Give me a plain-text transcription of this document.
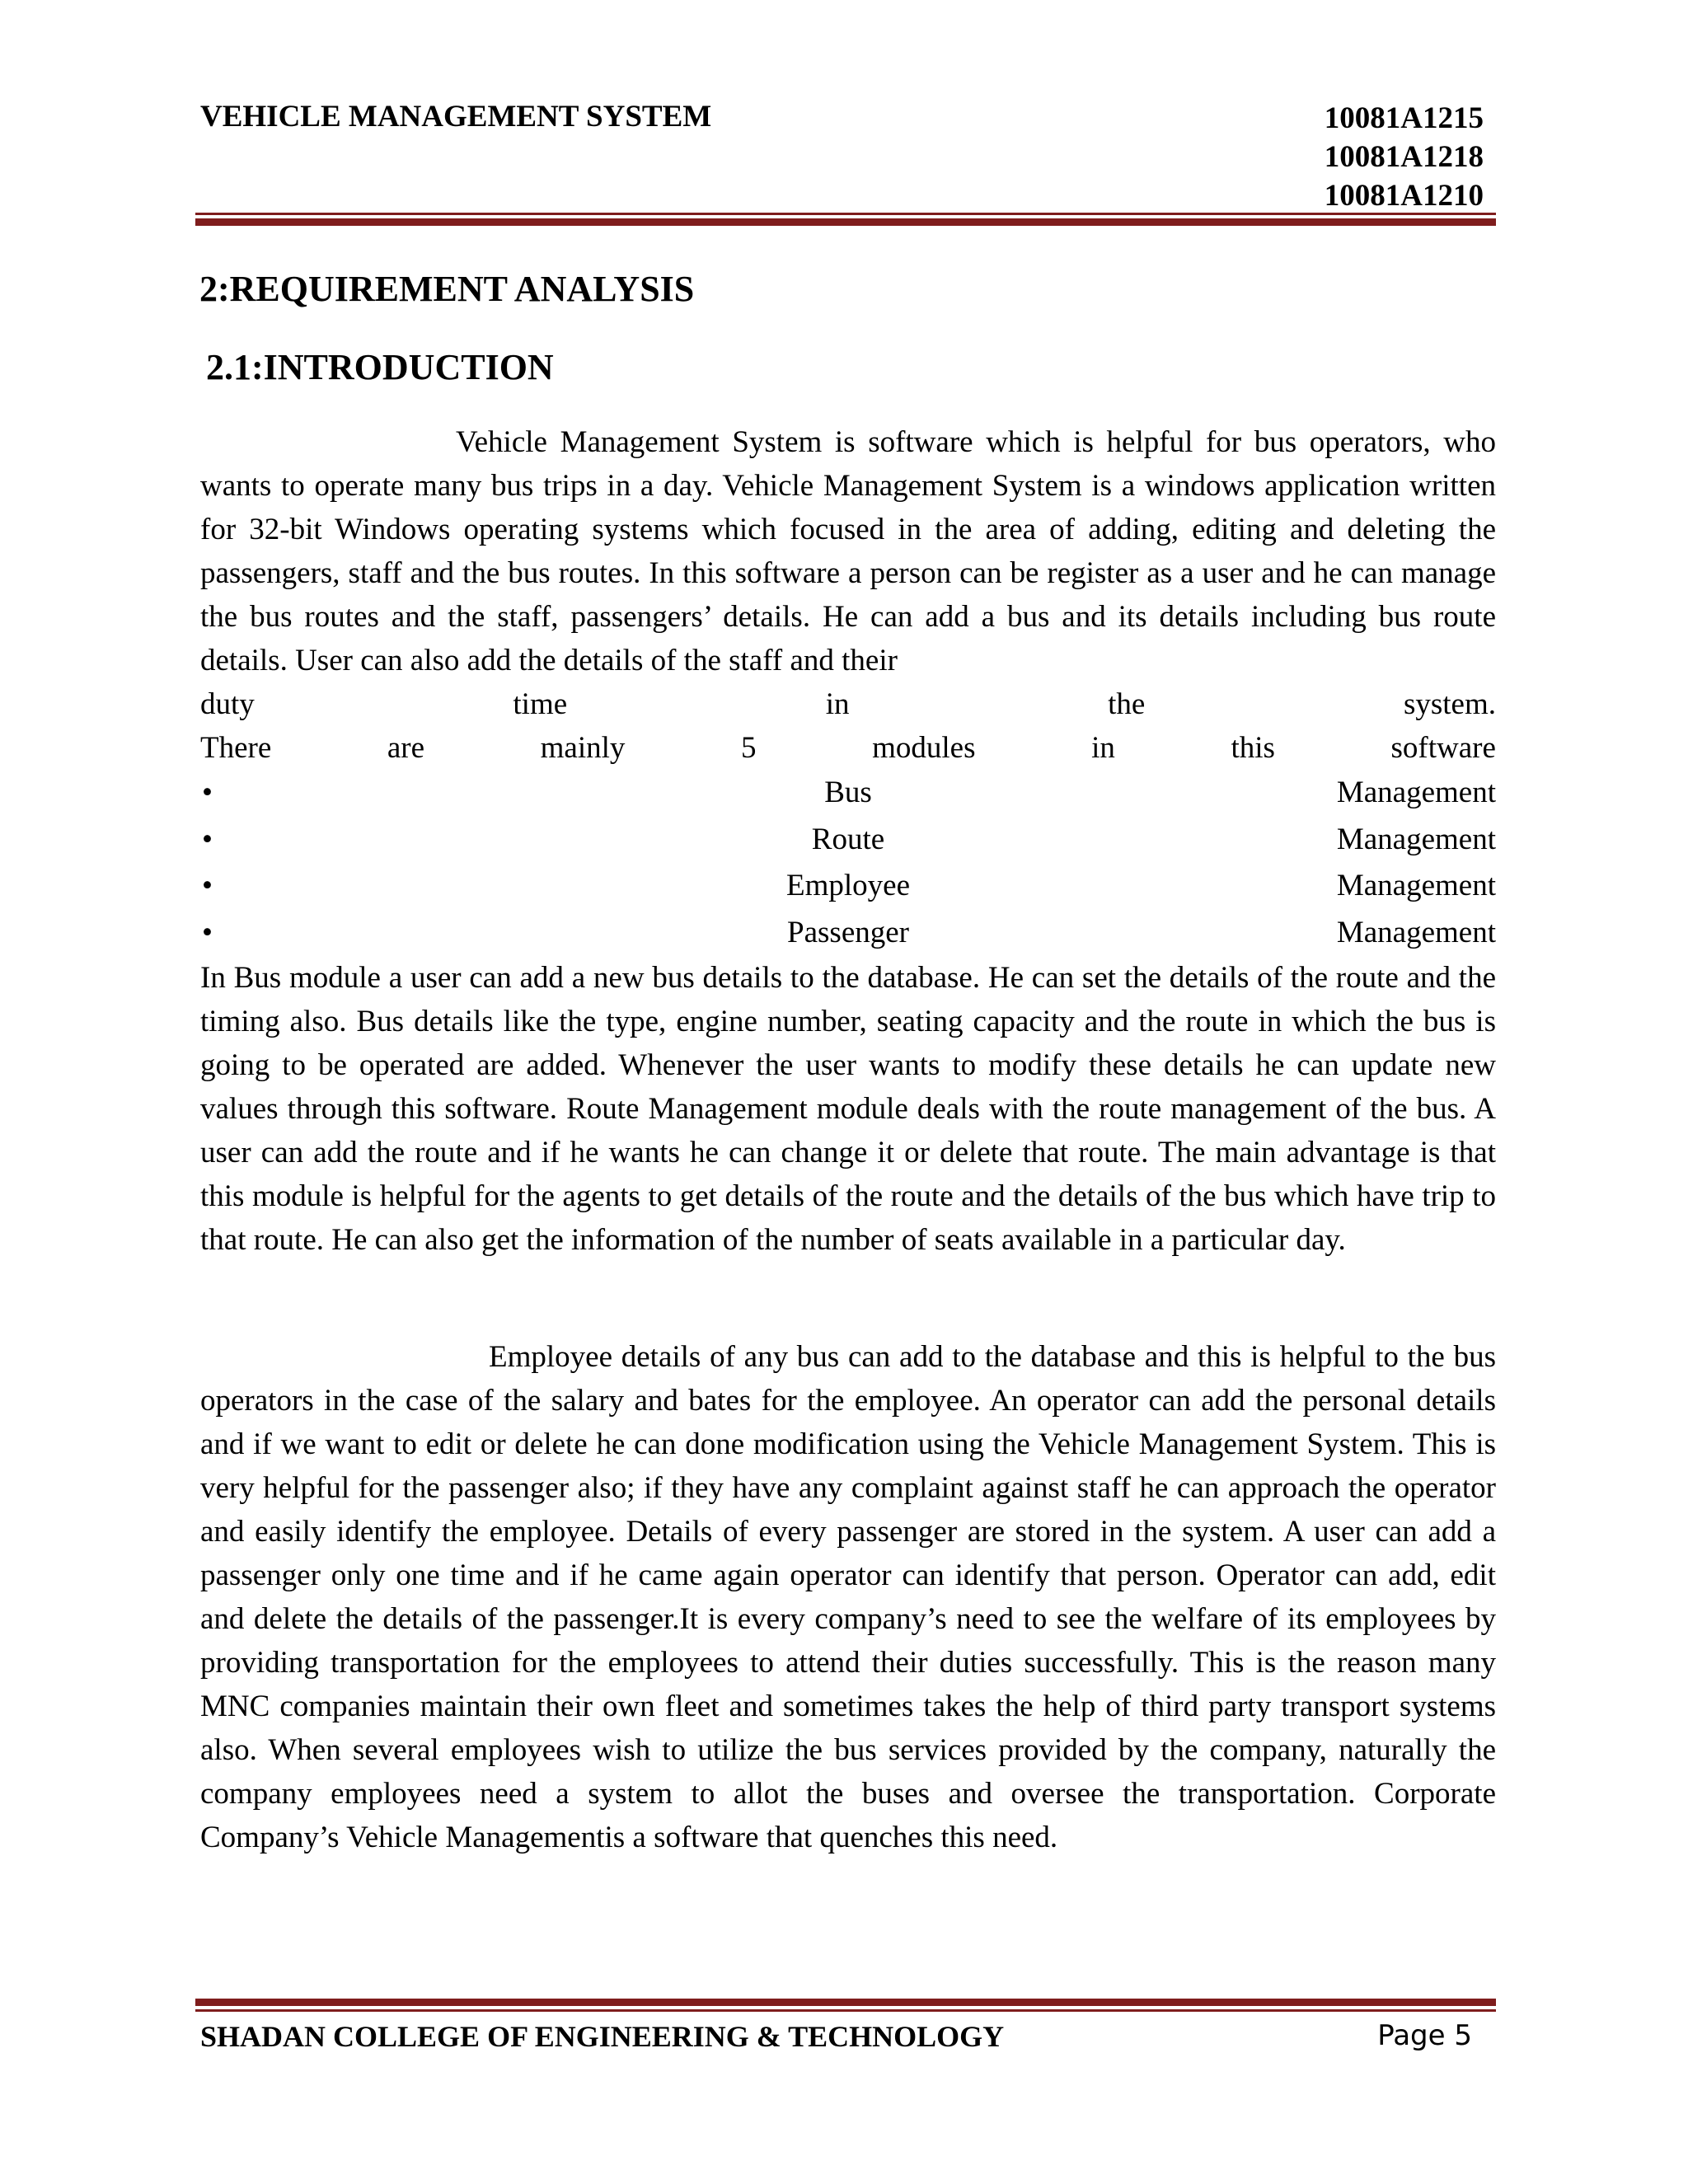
VEHICLE MANAGEMENT SYSTEM	10081A1215
10081A1218
10081A1210
2:REQUIREMENT ANALYSIS
2.1:INTRODUCTION

Vehicle Management System is software which is helpful for bus operators, who wants to operate many bus trips in a day. Vehicle Management System is a windows application written for 32-bit Windows operating systems which focused in the area of adding, editing and deleting the passengers, staff and the bus routes. In this software a person can be register as a user and he can manage the bus routes and the staff, passengers’ details. He can add a bus and its details including bus route details. User can also add the details of the staff and their

duty	time	in	the	system.
There	are	mainly	5	modules	in	this	software
•	Bus	Management
•	Route	Management
•	Employee	Management
•	Passenger	Management

In Bus module a user can add a new bus details to the database. He can set the details of the route and the timing also. Bus details like the type, engine number, seating capacity and the route in which the bus is going to be operated are added. Whenever the user wants to modify these details he can update new values through this software. Route Management module deals with the route management of the bus. A user can add the route and if he wants he can change it or delete that route. The main advantage is that this module is helpful for the agents to get details of the route and the details of the bus which have trip to that route. He can also get the information of the number of seats available in a particular day.

Employee details of any bus can add to the database and this is helpful to the bus operators in the case of the salary and bates for the employee. An operator can add the personal details and if we want to edit or delete he can done modification using the Vehicle Management System. This is very helpful for the passenger also; if they have any complaint against staff he can approach the operator and easily identify the employee. Details of every passenger are stored in the system. A user can add a passenger only one time and if he came again operator can identify that person. Operator can add, edit and delete the details of the passenger.It is every company’s need to see the welfare of its employees by providing transportation for the employees to attend their duties successfully. This is the reason many MNC companies maintain their own fleet and sometimes takes the help of third party transport systems also. When several employees wish to utilize the bus services provided by the company, naturally the company employees need a system to allot the buses and oversee the transportation. Corporate Company’s Vehicle Managementis a software that quenches this need.

SHADAN COLLEGE OF ENGINEERING & TECHNOLOGY	Page 5
